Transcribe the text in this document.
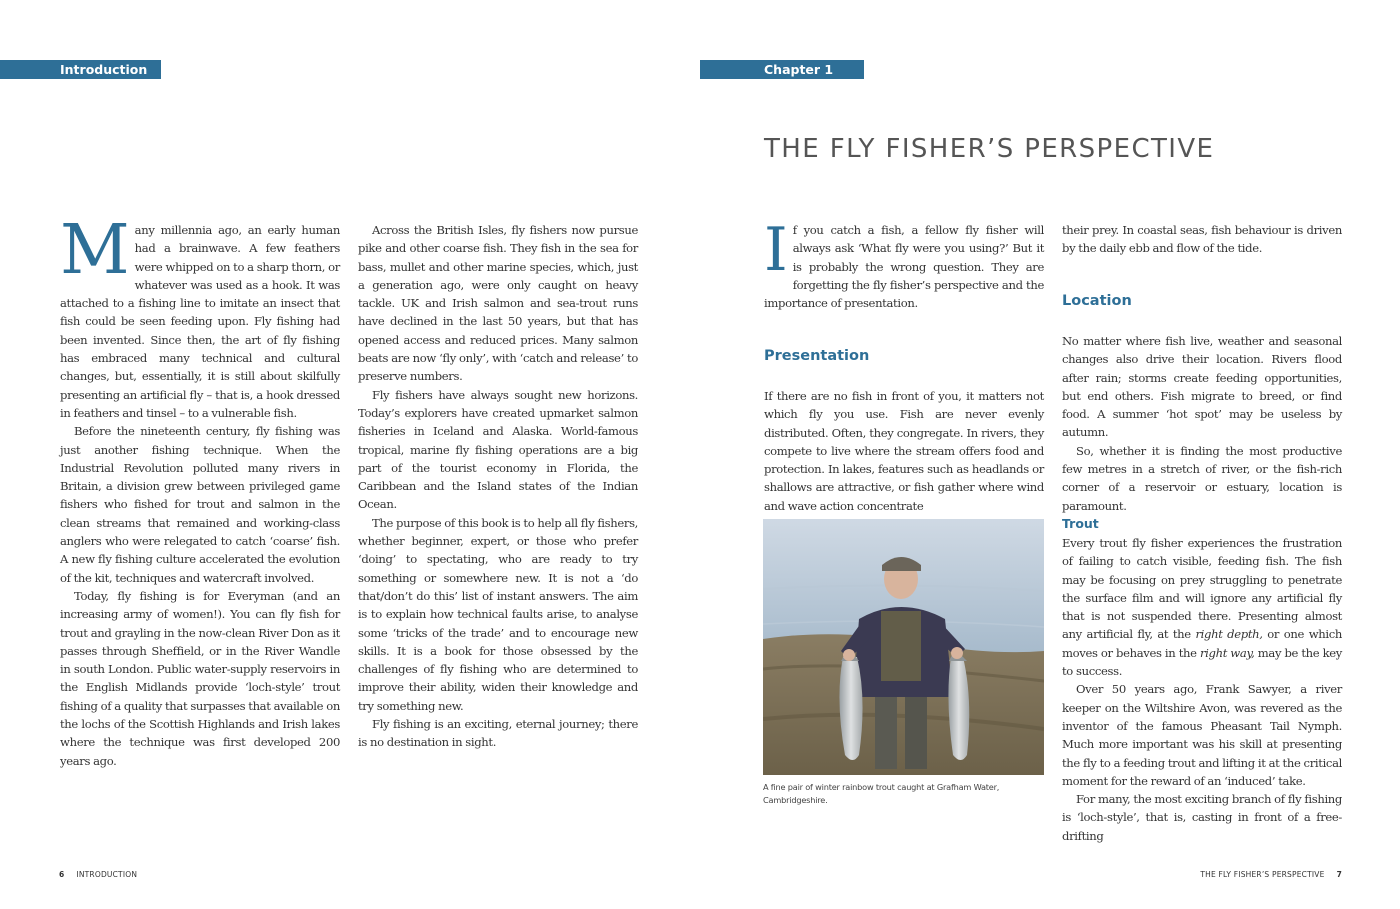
Introduction

Many millennia ago, an early human had a brainwave. A few feathers were whipped on to a sharp thorn, or whatever was used as a hook. It was attached to a fishing line to imitate an insect that fish could be seen feeding upon. Fly fishing had been invented. Since then, the art of fly fishing has embraced many technical and cultural changes, but, essentially, it is still about skilfully presenting an artificial fly – that is, a hook dressed in feathers and tinsel – to a vulnerable fish.

Before the nineteenth century, fly fishing was just another fishing technique. When the Industrial Revolution polluted many rivers in Britain, a division grew between privileged game fishers who fished for trout and salmon in the clean streams that remained and working-class anglers who were relegated to catch ‘coarse’ fish. A new fly fishing culture accelerated the evolution of the kit, techniques and watercraft involved.

Today, fly fishing is for Everyman (and an increasing army of women!). You can fly fish for trout and grayling in the now-clean River Don as it passes through Sheffield, or in the River Wandle in south London. Public water-supply reservoirs in the English Midlands provide ‘loch-style’ trout fishing of a quality that surpasses that available on the lochs of the Scottish Highlands and Irish lakes where the technique was first developed 200 years ago.

Across the British Isles, fly fishers now pursue pike and other coarse fish. They fish in the sea for bass, mullet and other marine species, which, just a generation ago, were only caught on heavy tackle. UK and Irish salmon and sea-trout runs have declined in the last 50 years, but that has opened access and reduced prices. Many salmon beats are now ‘fly only’, with ‘catch and release’ to preserve numbers.

Fly fishers have always sought new horizons. Today’s explorers have created upmarket salmon fisheries in Iceland and Alaska. World-famous tropical, marine fly fishing operations are a big part of the tourist economy in Florida, the Caribbean and the Island states of the Indian Ocean.

The purpose of this book is to help all fly fishers, whether beginner, expert, or those who prefer ‘doing’ to spectating, who are ready to try something or somewhere new. It is not a ‘do that/don’t do this’ list of instant answers. The aim is to explain how technical faults arise, to analyse some ‘tricks of the trade’ and to encourage new skills. It is a book for those obsessed by the challenges of fly fishing who are determined to improve their ability, widen their knowledge and try something new.

Fly fishing is an exciting, eternal journey; there is no destination in sight.

6 INTRODUCTION
Chapter 1
THE FLY FISHER’S PERSPECTIVE

If you catch a fish, a fellow fly fisher will always ask ‘What fly were you using?’ But it is probably the wrong question. They are forgetting the fly fisher’s perspective and the importance of presentation.

Presentation

If there are no fish in front of you, it matters not which fly you use. Fish are never evenly distributed. Often, they congregate. In rivers, they compete to live where the stream offers food and protection. In lakes, features such as headlands or shallows are attractive, or fish gather where wind and wave action concentrate

A fine pair of winter rainbow trout caught at Grafham Water, Cambridgeshire.

their prey. In coastal seas, fish behaviour is driven by the daily ebb and flow of the tide.

Location

No matter where fish live, weather and seasonal changes also drive their location. Rivers flood after rain; storms create feeding opportunities, but end others. Fish migrate to breed, or find food. A summer ‘hot spot’ may be useless by autumn.

So, whether it is finding the most productive few metres in a stretch of river, or the fish-rich corner of a reservoir or estuary, location is paramount.

Trout

Every trout fly fisher experiences the frustration of failing to catch visible, feeding fish. The fish may be focusing on prey struggling to penetrate the surface film and will ignore any artificial fly that is not suspended there. Presenting almost any artificial fly, at the right depth, or one which moves or behaves in the right way, may be the key to success.

Over 50 years ago, Frank Sawyer, a river keeper on the Wiltshire Avon, was revered as the inventor of the famous Pheasant Tail Nymph. Much more important was his skill at presenting the fly to a feeding trout and lifting it at the critical moment for the reward of an ‘induced’ take.

For many, the most exciting branch of fly fishing is ‘loch-style’, that is, casting in front of a free-drifting

THE FLY FISHER’S PERSPECTIVE 7
